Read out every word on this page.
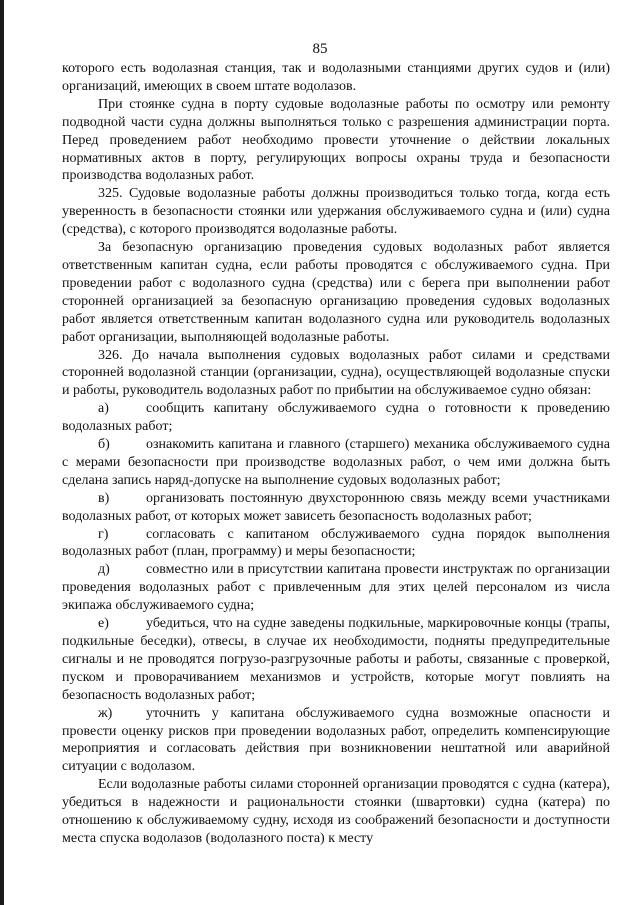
85

которого есть водолазная станция, так и водолазными станциями других судов и (или) организаций, имеющих в своем штате водолазов.

При стоянке судна в порту судовые водолазные работы по осмотру или ремонту подводной части судна должны выполняться только с разрешения администрации порта. Перед проведением работ необходимо провести уточнение о действии локальных нормативных актов в порту, регулирующих вопросы охраны труда и безопасности производства водолазных работ.

325. Судовые водолазные работы должны производиться только тогда, когда есть уверенность в безопасности стоянки или удержания обслуживаемого судна и (или) судна (средства), с которого производятся водолазные работы.

За безопасную организацию проведения судовых водолазных работ является ответственным капитан судна, если работы проводятся с обслуживаемого судна. При проведении работ с водолазного судна (средства) или с берега при выполнении работ сторонней организацией за безопасную организацию проведения судовых водолазных работ является ответственным капитан водолазного судна или руководитель водолазных работ организации, выполняющей водолазные работы.

326. До начала выполнения судовых водолазных работ силами и средствами сторонней водолазной станции (организации, судна), осуществляющей водолазные спуски и работы, руководитель водолазных работ по прибытии на обслуживаемое судно обязан:

а)	сообщить капитану обслуживаемого судна о готовности к проведению водолазных работ;

б)	ознакомить капитана и главного (старшего) механика обслуживаемого судна с мерами безопасности при производстве водолазных работ, о чем ими должна быть сделана запись наряд-допуске на выполнение судовых водолазных работ;

в)	организовать постоянную двухстороннюю связь между всеми участниками водолазных работ, от которых может зависеть безопасность водолазных работ;

г)	согласовать с капитаном обслуживаемого судна порядок выполнения водолазных работ (план, программу) и меры безопасности;

д)	совместно или в присутствии капитана провести инструктаж по организации проведения водолазных работ с привлеченным для этих целей персоналом из числа экипажа обслуживаемого судна;

е)	убедиться, что на судне заведены подкильные, маркировочные концы (трапы, подкильные беседки), отвесы, в случае их необходимости, подняты предупредительные сигналы и не проводятся погрузо-разгрузочные работы и работы, связанные с проверкой, пуском и проворачиванием механизмов и устройств, которые могут повлиять на безопасность водолазных работ;

ж) уточнить у капитана обслуживаемого судна возможные опасности и провести оценку рисков при проведении водолазных работ, определить компенсирующие мероприятия и согласовать действия при возникновении нештатной или аварийной ситуации с водолазом.

Если водолазные работы силами сторонней организации проводятся с судна (катера), убедиться в надежности и рациональности стоянки (швартовки) судна (катера) по отношению к обслуживаемому судну, исходя из соображений безопасности и доступности места спуска водолазов (водолазного поста) к месту
